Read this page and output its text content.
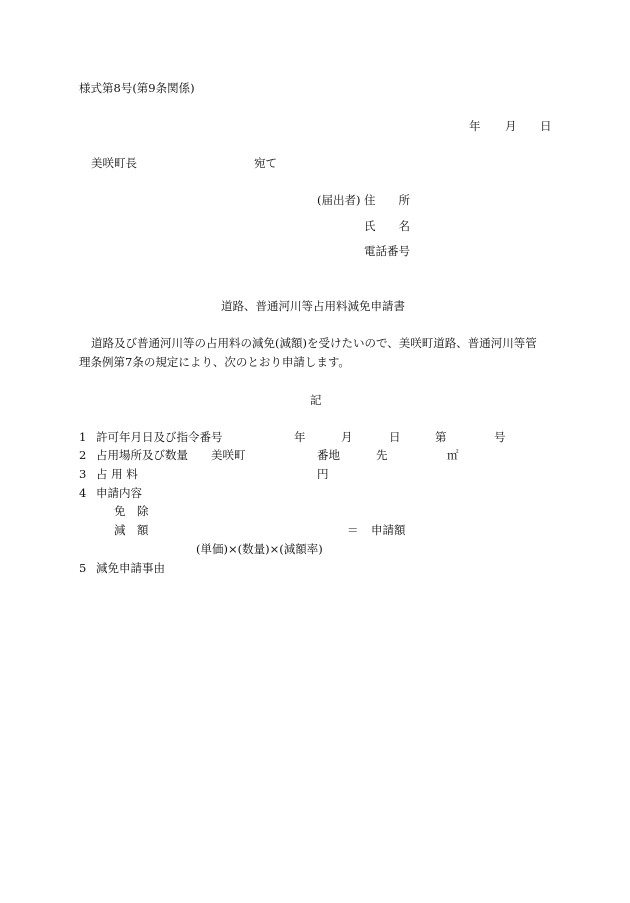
様式第8号(第9条関係)
年 月 日
美咲町長	宛て
(届出者) 住　　所
氏　　名
電話番号
道路、普通河川等占用料減免申請書
道路及び普通河川等の占用料の減免(減額)を受けたいので、美咲町道路、普通河川等管
理条例第7条の規定により、次のとおり申請します。
記
1 許可年月日及び指令番号	年	月	日	第	号
2 占用場所及び数量 美咲町	番地	先	㎡
3 占 用 料	円
4 申請内容
免　除
減　額	＝ 申請額
(単価)×(数量)×(減額率)
5 減免申請事由
